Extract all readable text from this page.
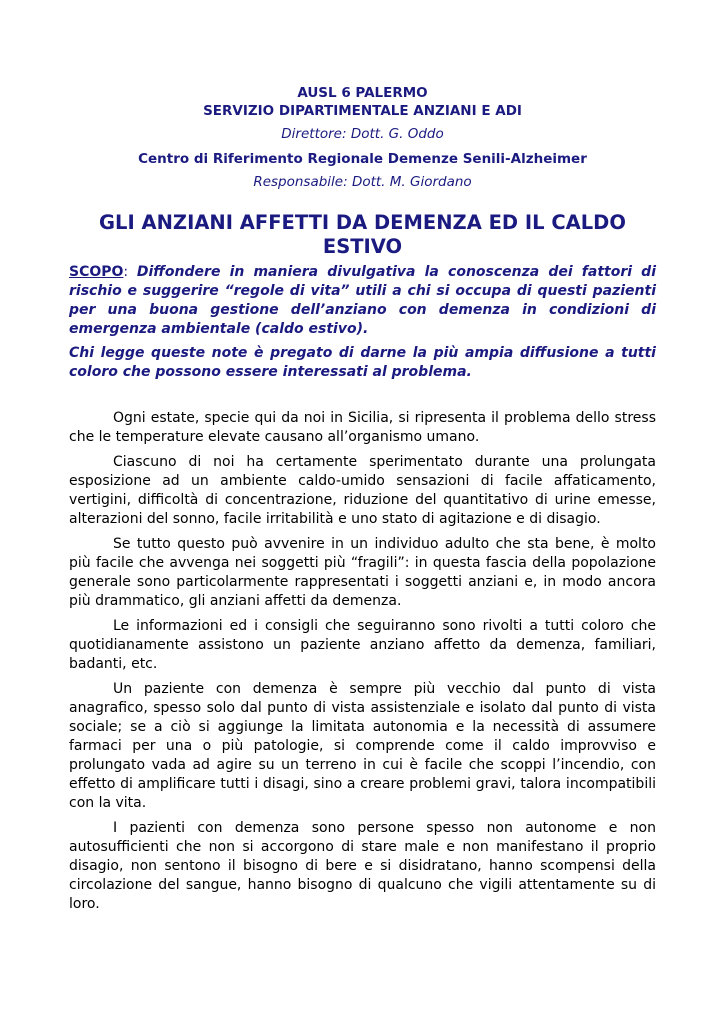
AUSL 6 PALERMO
SERVIZIO DIPARTIMENTALE ANZIANI E ADI
Direttore: Dott. G. Oddo
Centro di Riferimento Regionale Demenze Senili-Alzheimer
Responsabile: Dott. M. Giordano
GLI ANZIANI AFFETTI DA DEMENZA ED IL CALDO ESTIVO
SCOPO: Diffondere in maniera divulgativa la conoscenza dei fattori di rischio e suggerire “regole di vita” utili a chi si occupa di questi pazienti per una buona gestione dell’anziano con demenza in condizioni di emergenza ambientale (caldo estivo).
Chi legge queste note è pregato di darne la più ampia diffusione a tutti coloro che possono essere interessati al problema.

Ogni estate, specie qui da noi in Sicilia, si ripresenta il problema dello stress che le temperature elevate causano all’organismo umano.

Ciascuno di noi ha certamente sperimentato durante una prolungata esposizione ad un ambiente caldo-umido sensazioni di facile affaticamento, vertigini, difficoltà di concentrazione, riduzione del quantitativo di urine emesse, alterazioni del sonno, facile irritabilità e uno stato di agitazione e di disagio.

Se tutto questo può avvenire in un individuo adulto che sta bene, è molto più facile che avvenga nei soggetti più “fragili”: in questa fascia della popolazione generale sono particolarmente rappresentati i soggetti anziani e, in modo ancora più drammatico, gli anziani affetti da demenza.

Le informazioni ed i consigli che seguiranno sono rivolti a tutti coloro che quotidianamente assistono un paziente anziano affetto da demenza, familiari, badanti, etc.

Un paziente con demenza è sempre più vecchio dal punto di vista anagrafico, spesso solo dal punto di vista assistenziale e isolato dal punto di vista sociale; se a ciò si aggiunge la limitata autonomia e la necessità di assumere farmaci per una o più patologie, si comprende come il caldo improvviso e prolungato vada ad agire su un terreno in cui è facile che scoppi l’incendio, con effetto di amplificare tutti i disagi, sino a creare problemi gravi, talora incompatibili con la vita.

I pazienti con demenza sono persone spesso non autonome e non autosufficienti che non si accorgono di stare male e non manifestano il proprio disagio, non sentono il bisogno di bere e si disidratano, hanno scompensi della circolazione del sangue, hanno bisogno di qualcuno che vigili attentamente su di loro.
